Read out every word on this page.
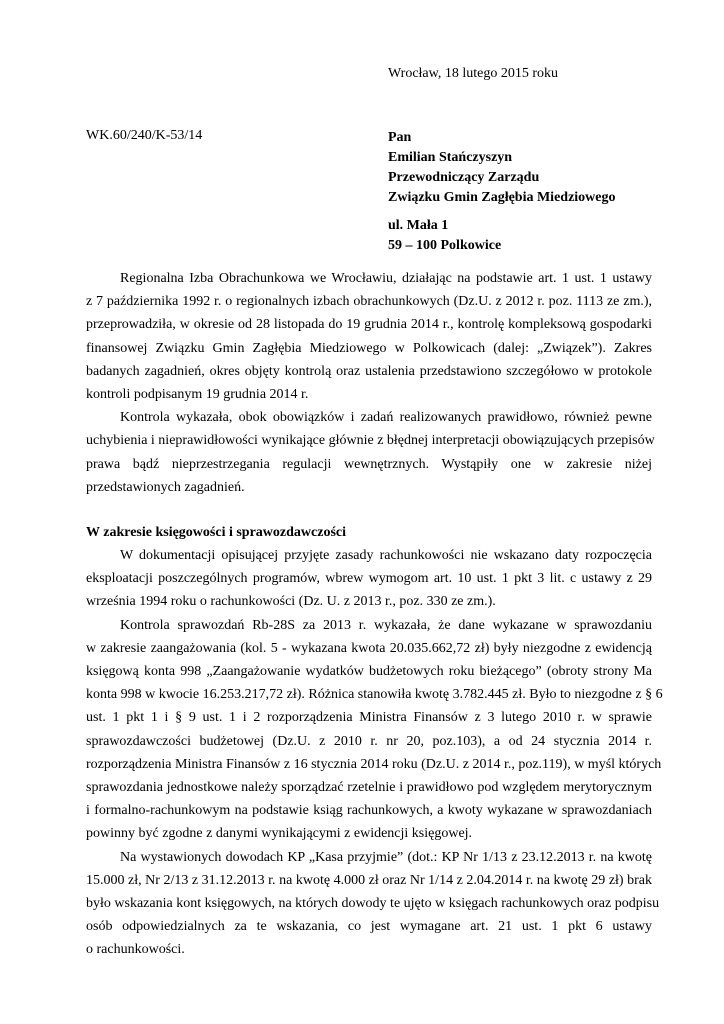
Wrocław, 18 lutego 2015 roku
WK.60/240/K-53/14	Pan
Emilian Stańczyszyn
Przewodniczący Zarządu
Związku Gmin Zagłębia Miedziowego
ul. Mała 1
59 – 100 Polkowice
Regionalna Izba Obrachunkowa we Wrocławiu, działając na podstawie art. 1 ust. 1 ustawy
z 7 października 1992 r. o regionalnych izbach obrachunkowych (Dz.U. z 2012 r. poz. 1113 ze zm.),
przeprowadziła, w okresie od 28 listopada do 19 grudnia 2014 r., kontrolę kompleksową gospodarki
finansowej Związku Gmin Zagłębia Miedziowego w Polkowicach (dalej: „Związek”). Zakres
badanych zagadnień, okres objęty kontrolą oraz ustalenia przedstawiono szczegółowo w protokole
kontroli podpisanym 19 grudnia 2014 r.
Kontrola wykazała, obok obowiązków i zadań realizowanych prawidłowo, również pewne
uchybienia i nieprawidłowości wynikające głównie z błędnej interpretacji obowiązujących przepisów
prawa bądź nieprzestrzegania regulacji wewnętrznych. Wystąpiły one w zakresie niżej
przedstawionych zagadnień.
W zakresie księgowości i sprawozdawczości
W dokumentacji opisującej przyjęte zasady rachunkowości nie wskazano daty rozpoczęcia
eksploatacji poszczególnych programów, wbrew wymogom art. 10 ust. 1 pkt 3 lit. c ustawy z 29
września 1994 roku o rachunkowości (Dz. U. z 2013 r., poz. 330 ze zm.).
Kontrola sprawozdań Rb-28S za 2013 r. wykazała, że dane wykazane w sprawozdaniu
w zakresie zaangażowania (kol. 5 - wykazana kwota 20.035.662,72 zł) były niezgodne z ewidencją
księgową konta 998 „Zaangażowanie wydatków budżetowych roku bieżącego” (obroty strony Ma
konta 998 w kwocie 16.253.217,72 zł). Różnica stanowiła kwotę 3.782.445 zł. Było to niezgodne z § 6
ust. 1 pkt 1 i § 9 ust. 1 i 2 rozporządzenia Ministra Finansów z 3 lutego 2010 r. w sprawie
sprawozdawczości budżetowej (Dz.U. z 2010 r. nr 20, poz.103), a od 24 stycznia 2014 r.
rozporządzenia Ministra Finansów z 16 stycznia 2014 roku (Dz.U. z 2014 r., poz.119), w myśl których
sprawozdania jednostkowe należy sporządzać rzetelnie i prawidłowo pod względem merytorycznym
i formalno-rachunkowym na podstawie ksiąg rachunkowych, a kwoty wykazane w sprawozdaniach
powinny być zgodne z danymi wynikającymi z ewidencji księgowej.
Na wystawionych dowodach KP „Kasa przyjmie” (dot.: KP Nr 1/13 z 23.12.2013 r. na kwotę
15.000 zł, Nr 2/13 z 31.12.2013 r. na kwotę 4.000 zł oraz Nr 1/14 z 2.04.2014 r. na kwotę 29 zł) brak
było wskazania kont księgowych, na których dowody te ujęto w księgach rachunkowych oraz podpisu
osób odpowiedzialnych za te wskazania, co jest wymagane art. 21 ust. 1 pkt 6 ustawy
o rachunkowości.
